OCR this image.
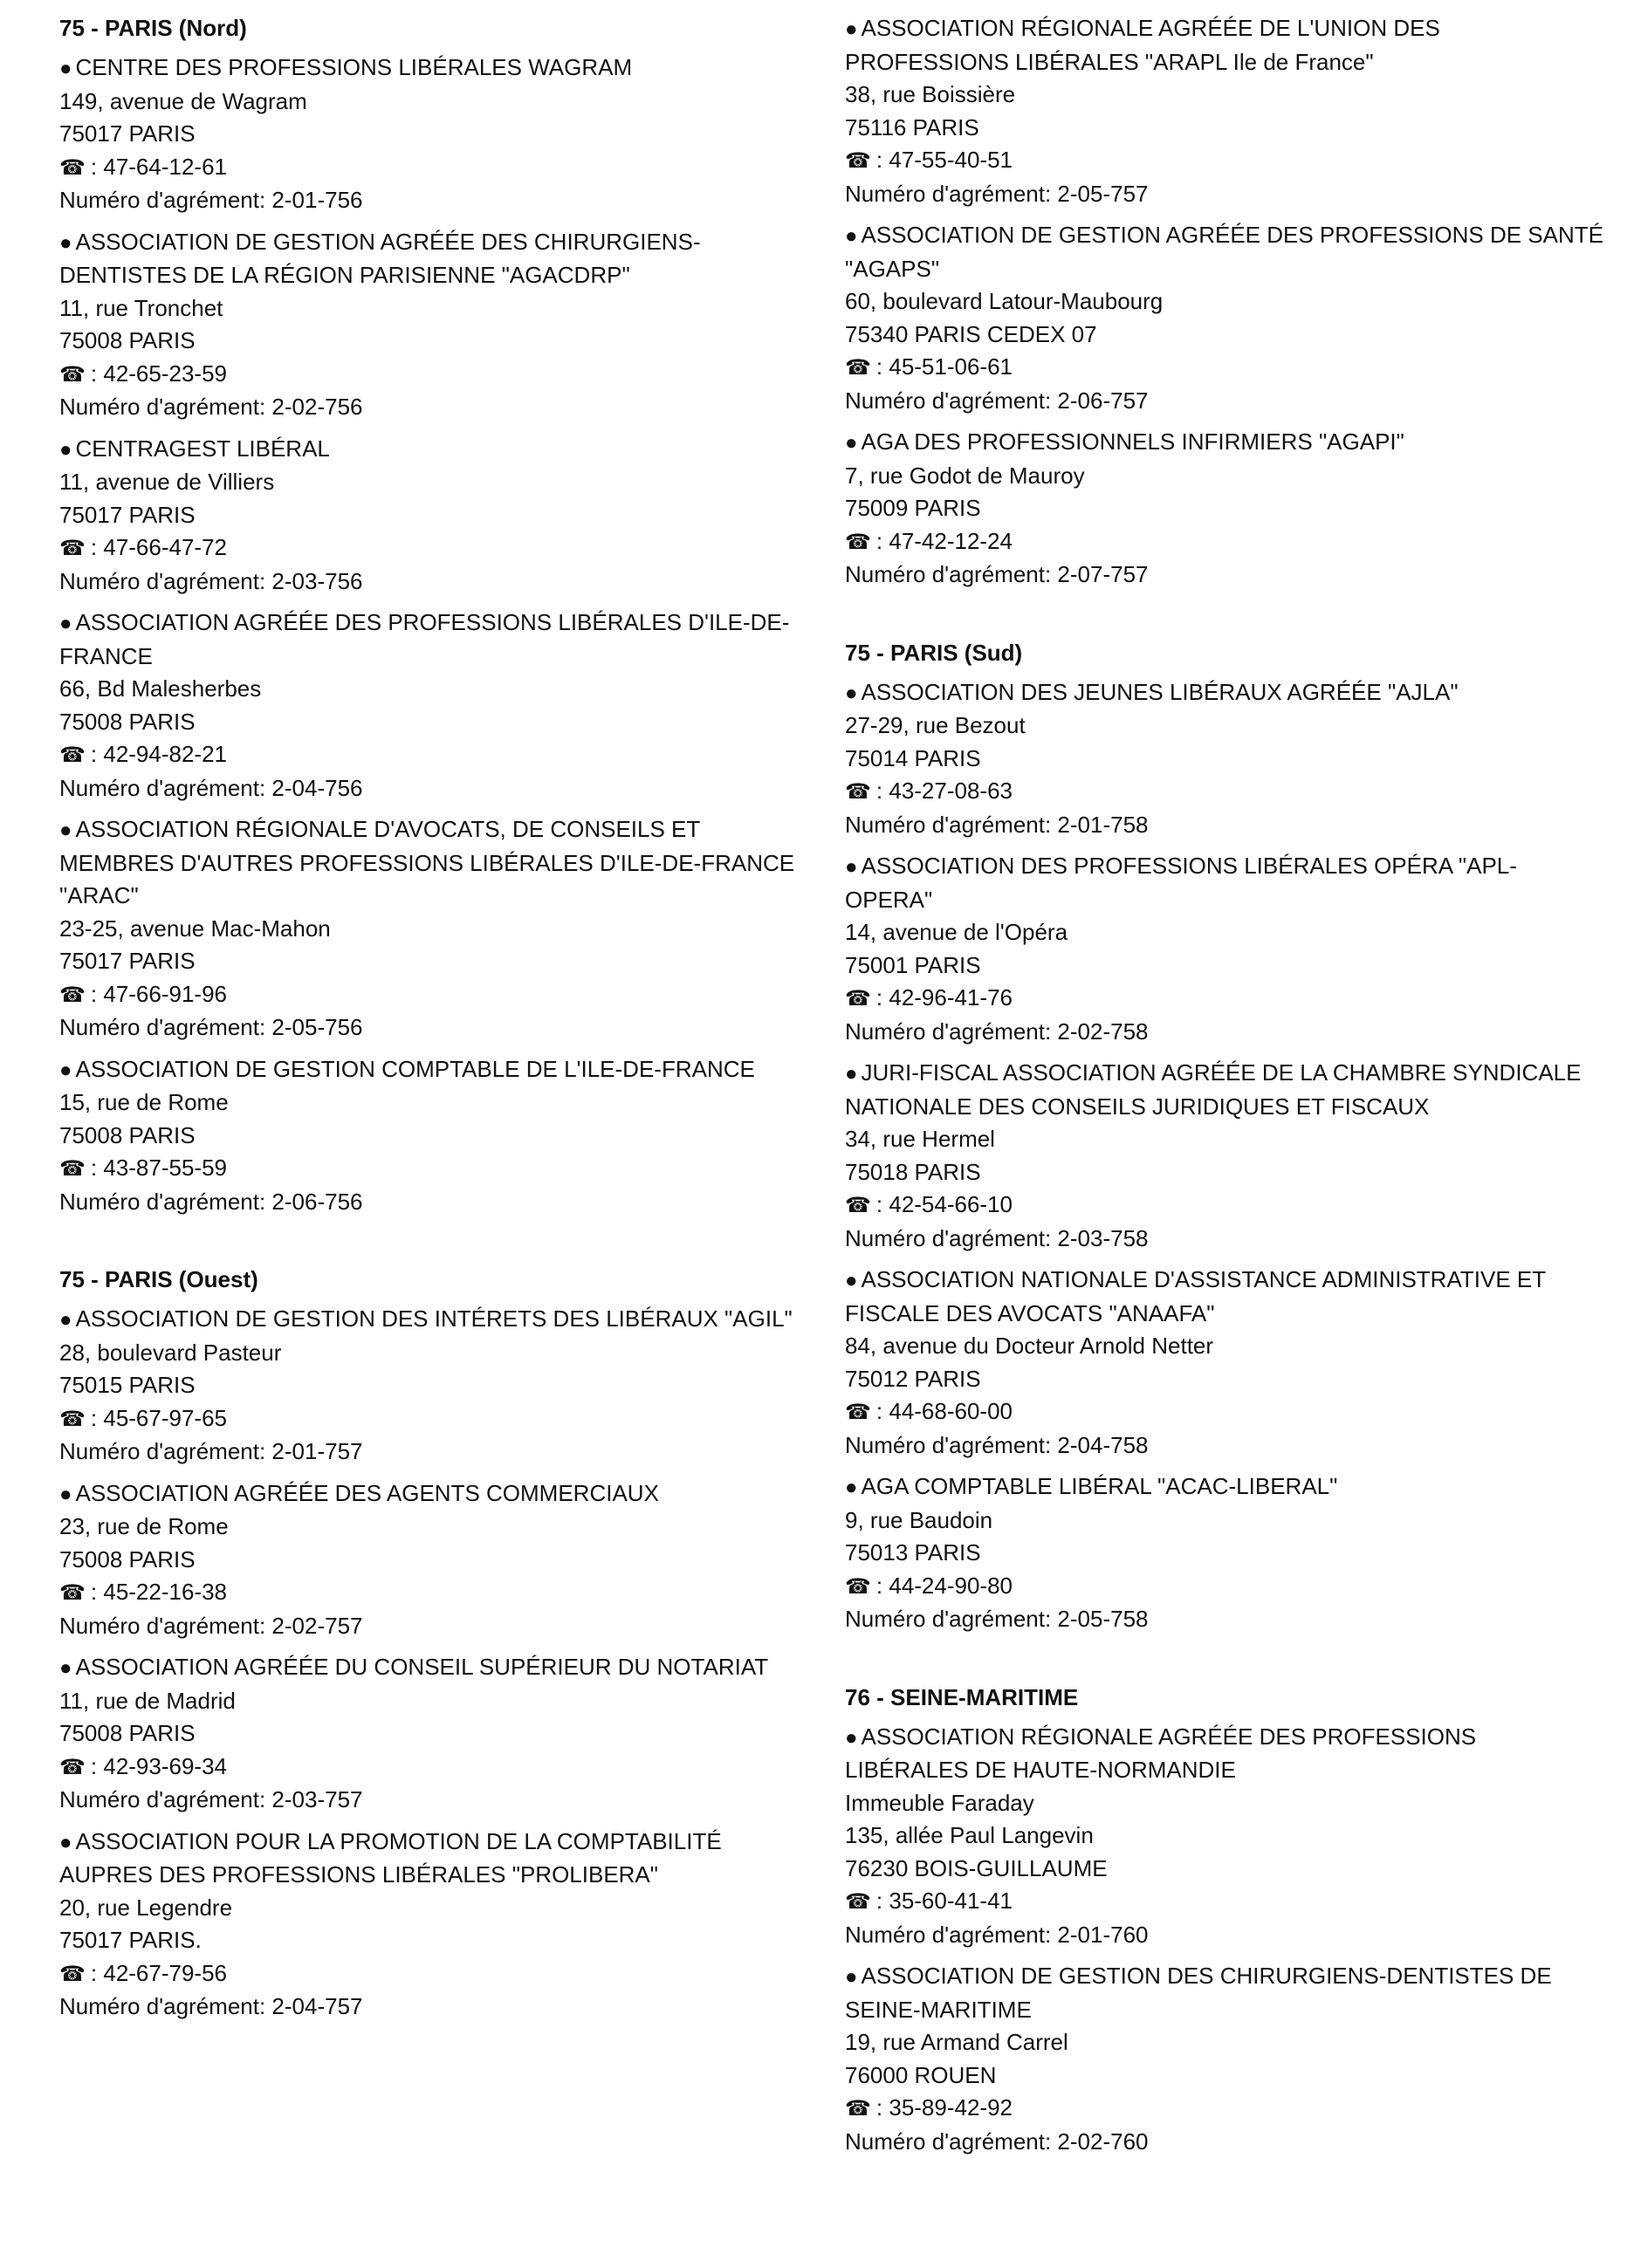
75 - PARIS (Nord)
● CENTRE DES PROFESSIONS LIBÉRALES WAGRAM
149, avenue de Wagram
75017 PARIS
☎ : 47-64-12-61
Numéro d'agrément: 2-01-756
● ASSOCIATION DE GESTION AGRÉÉE DES CHIRURGIENS-DENTISTES DE LA RÉGION PARISIENNE "AGACDRP"
11, rue Tronchet
75008 PARIS
☎ : 42-65-23-59
Numéro d'agrément: 2-02-756
● CENTRAGEST LIBÉRAL
11, avenue de Villiers
75017 PARIS
☎ : 47-66-47-72
Numéro d'agrément: 2-03-756
● ASSOCIATION AGRÉÉE DES PROFESSIONS LIBÉRALES D'ILE-DE-FRANCE
66, Bd Malesherbes
75008 PARIS
☎ : 42-94-82-21
Numéro d'agrément: 2-04-756
● ASSOCIATION RÉGIONALE D'AVOCATS, DE CONSEILS ET MEMBRES D'AUTRES PROFESSIONS LIBÉRALES D'ILE-DE-FRANCE "ARAC"
23-25, avenue Mac-Mahon
75017 PARIS
☎ : 47-66-91-96
Numéro d'agrément: 2-05-756
● ASSOCIATION DE GESTION COMPTABLE DE L'ILE-DE-FRANCE
15, rue de Rome
75008 PARIS
☎ : 43-87-55-59
Numéro d'agrément: 2-06-756
75 - PARIS (Ouest)
● ASSOCIATION DE GESTION DES INTÉRETS DES LIBÉRAUX "AGIL"
28, boulevard Pasteur
75015 PARIS
☎ : 45-67-97-65
Numéro d'agrément: 2-01-757
● ASSOCIATION AGRÉÉE DES AGENTS COMMERCIAUX
23, rue de Rome
75008 PARIS
☎ : 45-22-16-38
Numéro d'agrément: 2-02-757
● ASSOCIATION AGRÉÉE DU CONSEIL SUPÉRIEUR DU NOTARIAT
11, rue de Madrid
75008 PARIS
☎ : 42-93-69-34
Numéro d'agrément: 2-03-757
● ASSOCIATION POUR LA PROMOTION DE LA COMPTABILITÉ AUPRES DES PROFESSIONS LIBÉRALES "PROLIBERA"
20, rue Legendre
75017 PARIS.
☎ : 42-67-79-56
Numéro d'agrément: 2-04-757
● ASSOCIATION RÉGIONALE AGRÉÉE DE L'UNION DES PROFESSIONS LIBÉRALES "ARAPL Ile de France"
38, rue Boissière
75116 PARIS
☎ : 47-55-40-51
Numéro d'agrément: 2-05-757
● ASSOCIATION DE GESTION AGRÉÉE DES PROFESSIONS DE SANTÉ "AGAPS"
60, boulevard Latour-Maubourg
75340 PARIS CEDEX 07
☎ : 45-51-06-61
Numéro d'agrément: 2-06-757
● AGA DES PROFESSIONNELS INFIRMIERS "AGAPI"
7, rue Godot de Mauroy
75009 PARIS
☎ : 47-42-12-24
Numéro d'agrément: 2-07-757
75 - PARIS (Sud)
● ASSOCIATION DES JEUNES LIBÉRAUX AGRÉÉE "AJLA"
27-29, rue Bezout
75014 PARIS
☎ : 43-27-08-63
Numéro d'agrément: 2-01-758
● ASSOCIATION DES PROFESSIONS LIBÉRALES OPÉRA "APL-OPERA"
14, avenue de l'Opéra
75001 PARIS
☎ : 42-96-41-76
Numéro d'agrément: 2-02-758
● JURI-FISCAL ASSOCIATION AGRÉÉE DE LA CHAMBRE SYNDICALE NATIONALE DES CONSEILS JURIDIQUES ET FISCAUX
34, rue Hermel
75018 PARIS
☎ : 42-54-66-10
Numéro d'agrément: 2-03-758
● ASSOCIATION NATIONALE D'ASSISTANCE ADMINISTRATIVE ET FISCALE DES AVOCATS "ANAAFA"
84, avenue du Docteur Arnold Netter
75012 PARIS
☎ : 44-68-60-00
Numéro d'agrément: 2-04-758
● AGA COMPTABLE LIBÉRAL "ACAC-LIBERAL"
9, rue Baudoin
75013 PARIS
☎ : 44-24-90-80
Numéro d'agrément: 2-05-758
76 - SEINE-MARITIME
● ASSOCIATION RÉGIONALE AGRÉÉE DES PROFESSIONS LIBÉRALES DE HAUTE-NORMANDIE
Immeuble Faraday
135, allée Paul Langevin
76230 BOIS-GUILLAUME
☎ : 35-60-41-41
Numéro d'agrément: 2-01-760
● ASSOCIATION DE GESTION DES CHIRURGIENS-DENTISTES DE SEINE-MARITIME
19, rue Armand Carrel
76000 ROUEN
☎ : 35-89-42-92
Numéro d'agrément: 2-02-760
